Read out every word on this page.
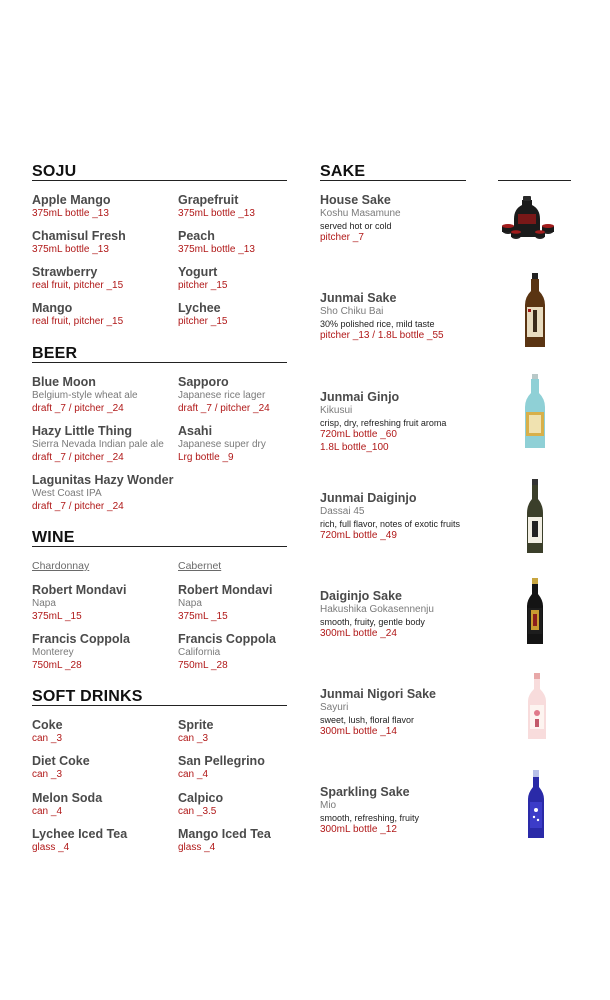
SOJU
Apple Mango
375mL bottle _13
Grapefruit
375mL bottle _13
Chamisul Fresh
375mL bottle _13
Peach
375mL bottle _13
Strawberry
real fruit, pitcher _15
Yogurt
pitcher _15
Mango
real fruit, pitcher _15
Lychee
pitcher _15
BEER
Blue Moon
Belgium-style wheat ale
draft _7 / pitcher _24
Sapporo
Japanese rice lager
draft _7 / pitcher _24
Hazy Little Thing
Sierra Nevada Indian pale ale
draft _7 / pitcher _24
Asahi
Japanese super dry
Lrg bottle _9
Lagunitas Hazy Wonder
West Coast IPA
draft _7 / pitcher _24
WINE
Chardonnay	Cabernet
Robert Mondavi
Napa
375mL _15
Robert Mondavi
Napa
375mL _15
Francis Coppola
Monterey
750mL _28
Francis Coppola
California
750mL _28
SOFT DRINKS
Coke
can _3
Sprite
can _3
Diet Coke
can _3
San Pellegrino
can _4
Melon Soda
can _4
Calpico
can _3.5
Lychee Iced Tea
glass _4
Mango Iced Tea
glass _4
SAKE
House Sake
Koshu Masamune
served hot or cold
pitcher _7
Junmai Sake
Sho Chiku Bai
30% polished rice, mild taste
pitcher _13 / 1.8L bottle _55
Junmai Ginjo
Kikusui
crisp, dry, refreshing fruit aroma
720mL bottle _60
1.8L bottle_100
Junmai Daiginjo
Dassai 45
rich, full flavor, notes of exotic fruits
720mL bottle _49
Daiginjo Sake
Hakushika Gokasennenju
smooth, fruity, gentle body
300mL bottle _24
Junmai Nigori Sake
Sayuri
sweet, lush, floral flavor
300mL bottle _14
Sparkling Sake
Mio
smooth, refreshing, fruity
300mL bottle _12
